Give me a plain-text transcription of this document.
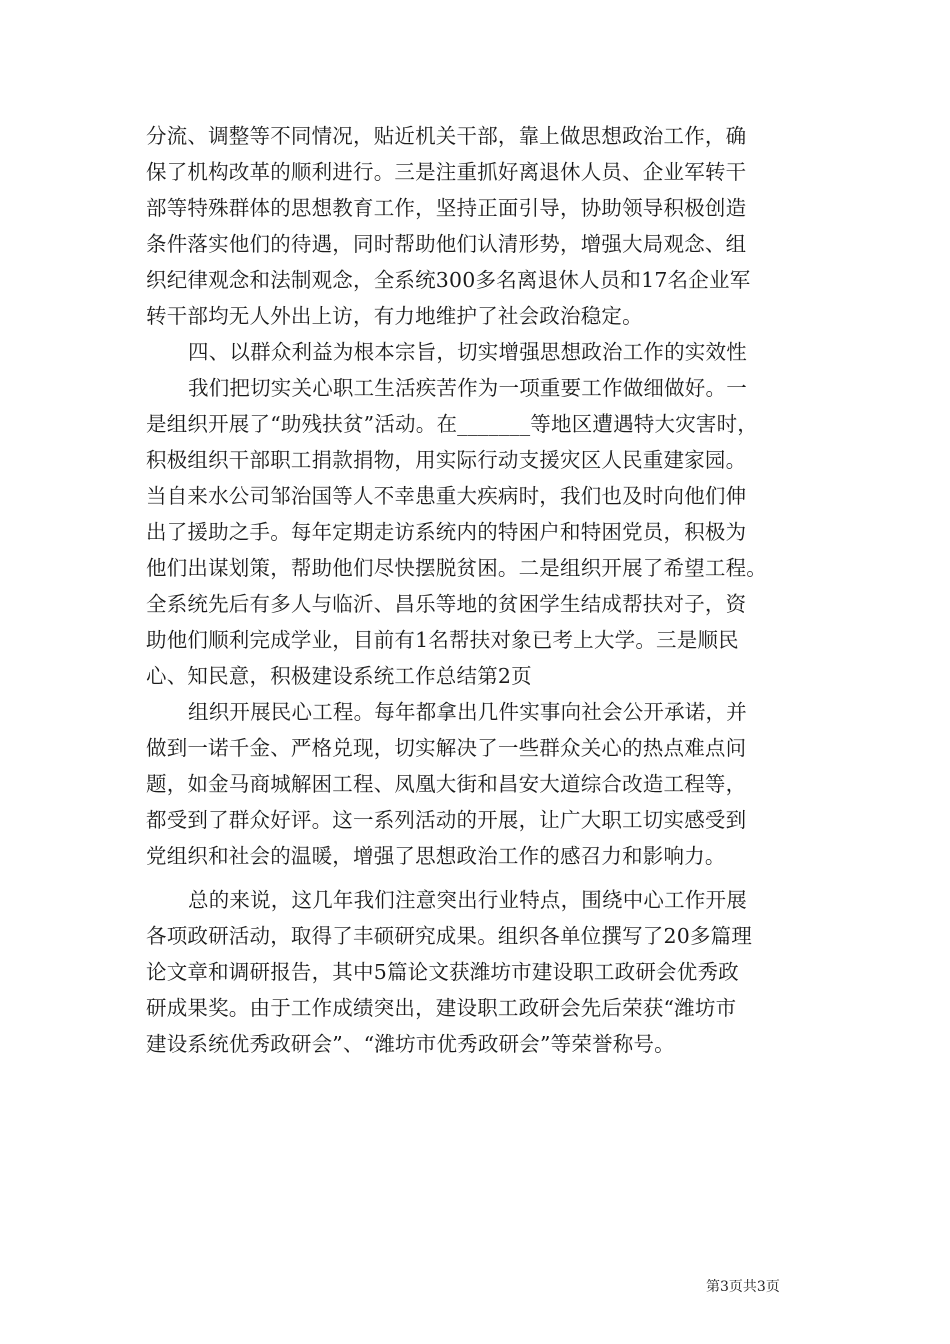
分流、调整等不同情况，贴近机关干部，靠上做思想政治工作，确
保了机构改革的顺利进行。三是注重抓好离退休人员、企业军转干
部等特殊群体的思想教育工作，坚持正面引导，协助领导积极创造
条件落实他们的待遇，同时帮助他们认清形势，增强大局观念、组
织纪律观念和法制观念，全系统300多名离退休人员和17名企业军
转干部均无人外出上访，有力地维护了社会政治稳定。
四、以群众利益为根本宗旨，切实增强思想政治工作的实效性
我们把切实关心职工生活疾苦作为一项重要工作做细做好。一
是组织开展了“助残扶贫”活动。在_______等地区遭遇特大灾害时，
积极组织干部职工捐款捐物，用实际行动支援灾区人民重建家园。
当自来水公司邹治国等人不幸患重大疾病时，我们也及时向他们伸
出了援助之手。每年定期走访系统内的特困户和特困党员，积极为
他们出谋划策，帮助他们尽快摆脱贫困。二是组织开展了希望工程。
全系统先后有多人与临沂、昌乐等地的贫困学生结成帮扶对子，资
助他们顺利完成学业，目前有1名帮扶对象已考上大学。三是顺民
心、知民意，积极建设系统工作总结第2页
组织开展民心工程。每年都拿出几件实事向社会公开承诺，并
做到一诺千金、严格兑现，切实解决了一些群众关心的热点难点问
题，如金马商城解困工程、凤凰大街和昌安大道综合改造工程等，
都受到了群众好评。这一系列活动的开展，让广大职工切实感受到
党组织和社会的温暖，增强了思想政治工作的感召力和影响力。
总的来说，这几年我们注意突出行业特点，围绕中心工作开展
各项政研活动，取得了丰硕研究成果。组织各单位撰写了20多篇理
论文章和调研报告，其中5篇论文获潍坊市建设职工政研会优秀政
研成果奖。由于工作成绩突出，建设职工政研会先后荣获“潍坊市
建设系统优秀政研会”、“潍坊市优秀政研会”等荣誉称号。
第3页共3页
